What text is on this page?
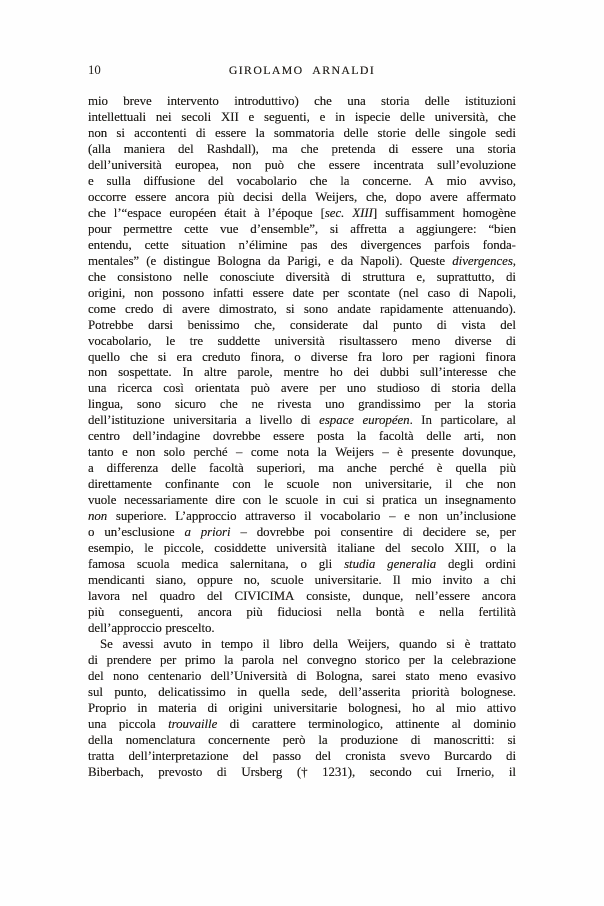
10	GIROLAMO ARNALDI
mio breve intervento introduttivo) che una storia delle istituzioni
intellettuali nei secoli XII e seguenti, e in ispecie delle università, che
non si accontenti di essere la sommatoria delle storie delle singole sedi
(alla maniera del Rashdall), ma che pretenda di essere una storia
dell’università europea, non può che essere incentrata sull’evoluzione
e sulla diffusione del vocabolario che la concerne. A mio avviso,
occorre essere ancora più decisi della Weijers, che, dopo avere affermato
che l’“espace européen était à l’époque [sec. XIII] suffisamment homogène
pour permettre cette vue d’ensemble”, si affretta a aggiungere: “bien
entendu, cette situation n’élimine pas des divergences parfois fonda-
mentales” (e distingue Bologna da Parigi, e da Napoli). Queste divergences,
che consistono nelle conosciute diversità di struttura e, suprattutto, di
origini, non possono infatti essere date per scontate (nel caso di Napoli,
come credo di avere dimostrato, si sono andate rapidamente attenuando).
Potrebbe darsi benissimo che, considerate dal punto di vista del
vocabolario, le tre suddette università risultassero meno diverse di
quello che si era creduto finora, o diverse fra loro per ragioni finora
non sospettate. In altre parole, mentre ho dei dubbi sull’interesse che
una ricerca così orientata può avere per uno studioso di storia della
lingua, sono sicuro che ne rivesta uno grandissimo per la storia
dell’istituzione universitaria a livello di espace européen. In particolare, al
centro dell’indagine dovrebbe essere posta la facoltà delle arti, non
tanto e non solo perché – come nota la Weijers – è presente dovunque,
a differenza delle facoltà superiori, ma anche perché è quella più
direttamente confinante con le scuole non universitarie, il che non
vuole necessariamente dire con le scuole in cui si pratica un insegnamento
non superiore. L’approccio attraverso il vocabolario – e non un’inclusione
o un’esclusione a priori – dovrebbe poi consentire di decidere se, per
esempio, le piccole, cosiddette università italiane del secolo XIII, o la
famosa scuola medica salernitana, o gli studia generalia degli ordini
mendicanti siano, oppure no, scuole universitarie. Il mio invito a chi
lavora nel quadro del CIVICIMA consiste, dunque, nell’essere ancora
più conseguenti, ancora più fiduciosi nella bontà e nella fertilità
dell’approccio prescelto.
Se avessi avuto in tempo il libro della Weijers, quando si è trattato
di prendere per primo la parola nel convegno storico per la celebrazione
del nono centenario dell’Università di Bologna, sarei stato meno evasivo
sul punto, delicatissimo in quella sede, dell’asserita priorità bolognese.
Proprio in materia di origini universitarie bolognesi, ho al mio attivo
una piccola trouvaille di carattere terminologico, attinente al dominio
della nomenclatura concernente però la produzione di manoscritti: si
tratta dell’interpretazione del passo del cronista svevo Burcardo di
Biberbach, prevosto di Ursberg († 1231), secondo cui Irnerio, il
